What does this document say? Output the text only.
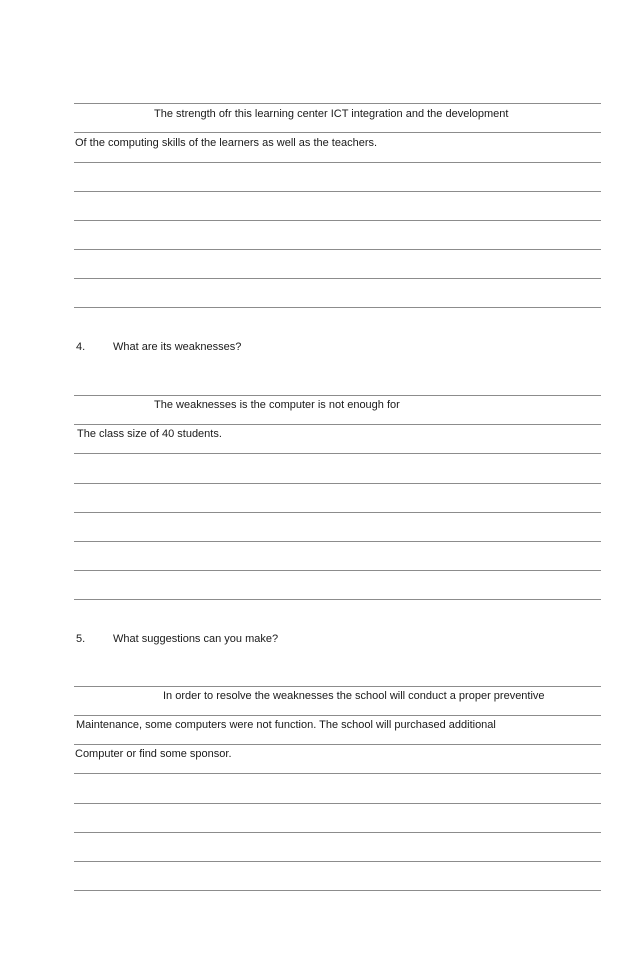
The strength ofr this learning center ICT integration and the development
Of the computing skills of the learners as well as the teachers.
4.	What are its weaknesses?
The weaknesses is the computer is not enough for
The class size of 40 students.
5.	What suggestions can you make?
In order to resolve the weaknesses the school will conduct a proper preventive
Maintenance, some computers were not function. The school will purchased additional
Computer or find some sponsor.
